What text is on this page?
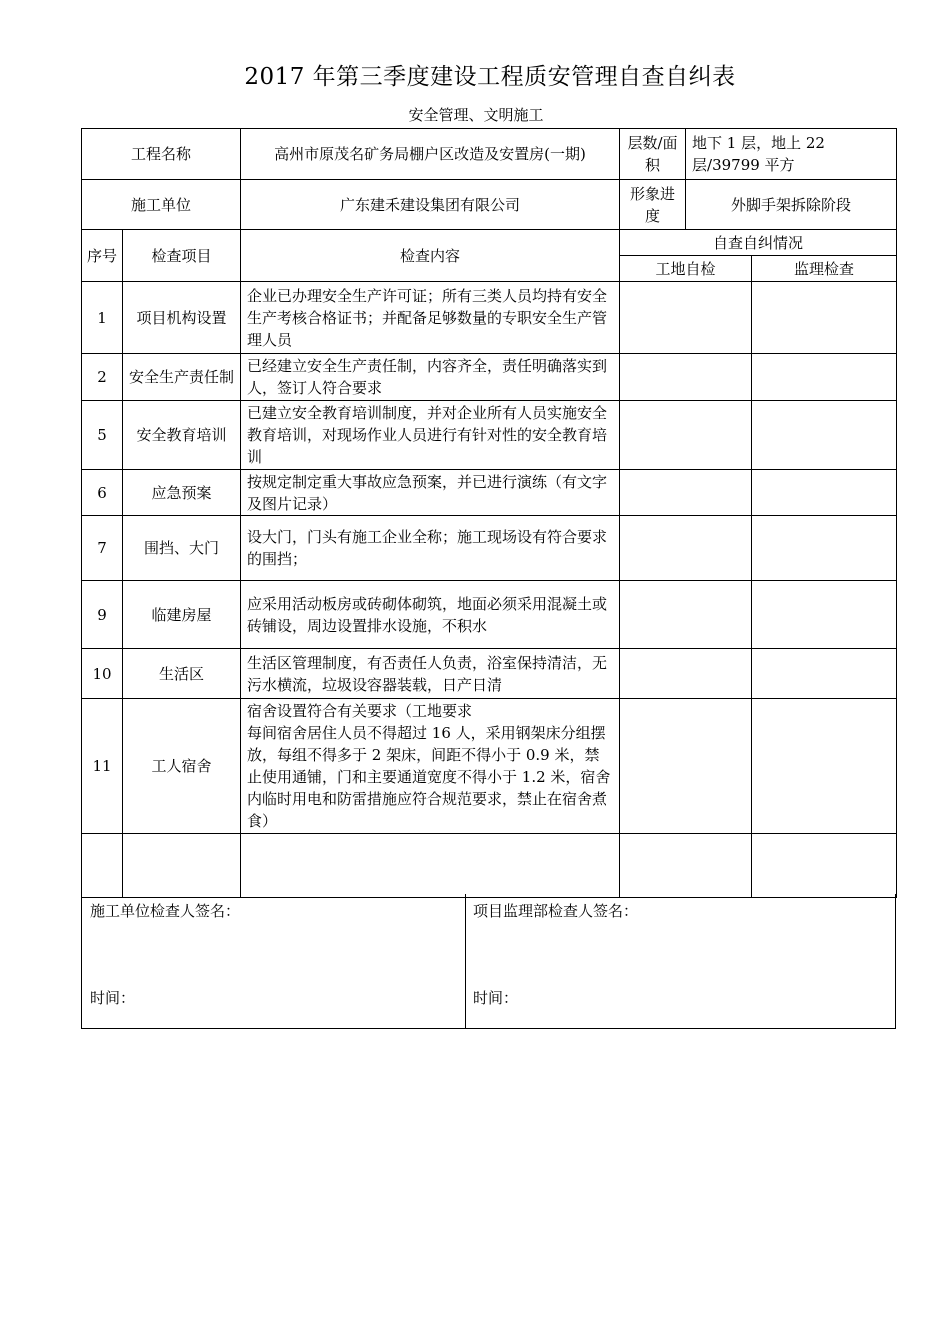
2017 年第三季度建设工程质安管理自查自纠表
安全管理、文明施工
工程名称		高州市原茂名矿务局棚户区改造及安置房(一期)	层数/面积	地下 1 层，地上 22 层/39799 平方	
施工单位		广东建禾建设集团有限公司	形象进度	外脚手架拆除阶段	
序号	检查项目	检查内容	自查自纠情况		
			工地自检		监理检查
1	项目机构设置	企业已办理安全生产许可证；所有三类人员均持有安全生产考核合格证书；并配备足够数量的专职安全生产管理人员			
2	安全生产责任制	已经建立安全生产责任制，内容齐全，责任明确落实到人，签订人符合要求			
5	安全教育培训	已建立安全教育培训制度，并对企业所有人员实施安全教育培训，对现场作业人员进行有针对性的安全教育培训			
6	应急预案	按规定制定重大事故应急预案，并已进行演练（有文字及图片记录）			
7	围挡、大门	设大门，门头有施工企业全称；施工现场设有符合要求的围挡；			
9	临建房屋	应采用活动板房或砖砌体砌筑，地面必须采用混凝土或砖铺设，周边设置排水设施，不积水			
10	生活区	生活区管理制度，有否责任人负责，浴室保持清洁，无污水横流，垃圾设容器装载，日产日清			
11	工人宿舍	宿舍设置符合有关要求（工地要求
每间宿舍居住人员不得超过 16 人，采用钢架床分组摆放，每组不得多于 2 架床，间距不得小于 0.9 米，禁止使用通铺，门和主要通道宽度不得小于 1.2 米，宿舍内临时用电和防雷措施应符合规范要求，禁止在宿舍煮食）			

施工单位检查人签名：
时间：
项目监理部检查人签名：
时间：
